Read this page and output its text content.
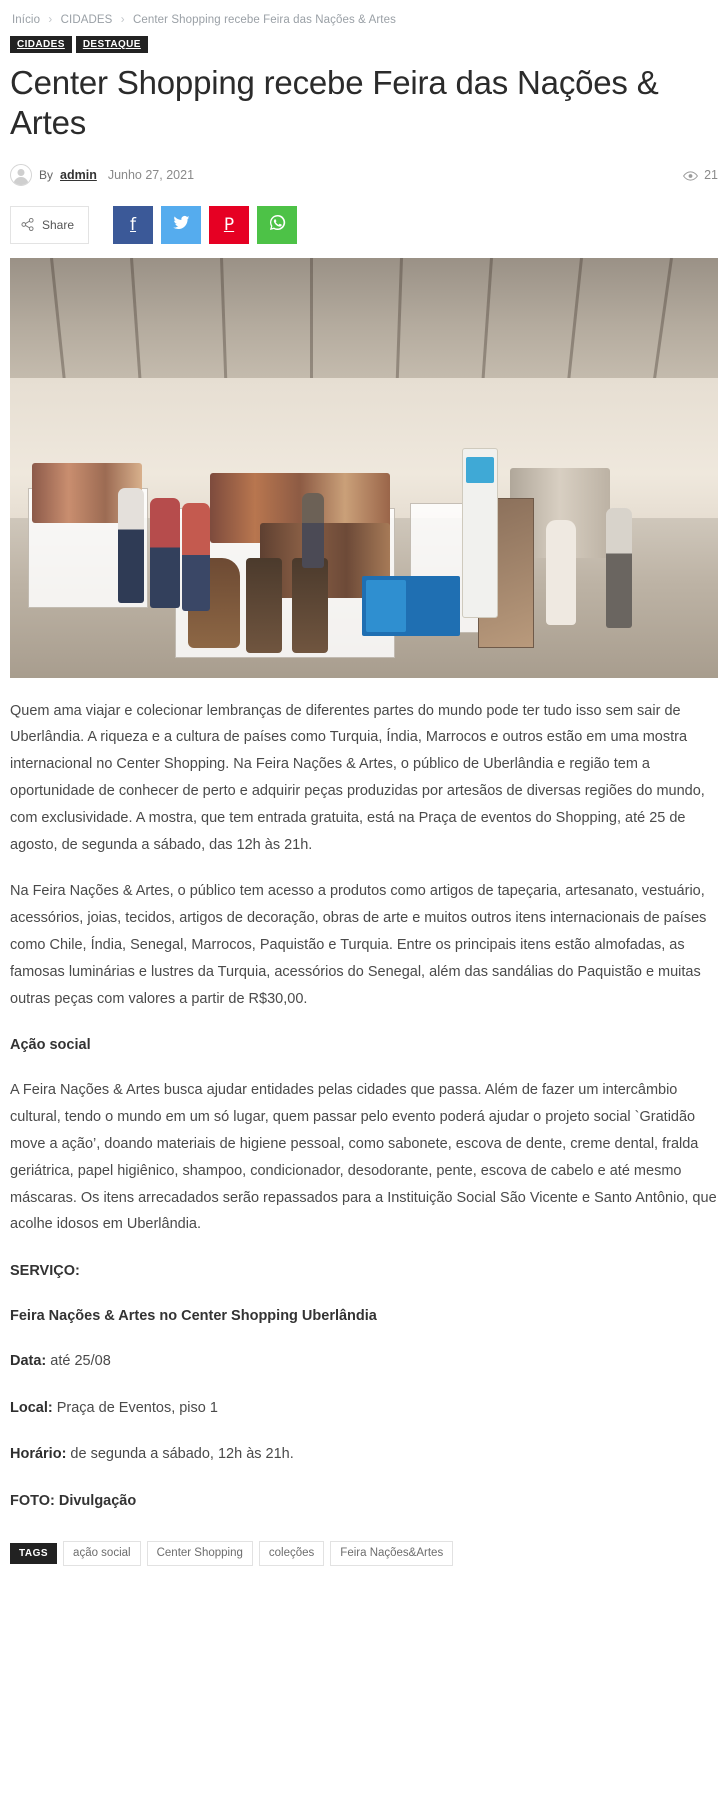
Início › CIDADES › Center Shopping recebe Feira das Nações & Artes
CIDADES	DESTAQUE
Center Shopping recebe Feira das Nações & Artes
By admin Junho 27, 2021	21
Share	f	P

Quem ama viajar e colecionar lembranças de diferentes partes do mundo pode ter tudo isso sem sair de Uberlândia. A riqueza e a cultura de países como Turquia, Índia, Marrocos e outros estão em uma mostra internacional no Center Shopping. Na Feira Nações & Artes, o público de Uberlândia e região tem a oportunidade de conhecer de perto e adquirir peças produzidas por artesãos de diversas regiões do mundo, com exclusividade. A mostra, que tem entrada gratuita, está na Praça de eventos do Shopping, até 25 de agosto, de segunda a sábado, das 12h às 21h.

Na Feira Nações & Artes, o público tem acesso a produtos como artigos de tapeçaria, artesanato, vestuário, acessórios, joias, tecidos, artigos de decoração, obras de arte e muitos outros itens internacionais de países como Chile, Índia, Senegal, Marrocos, Paquistão e Turquia. Entre os principais itens estão almofadas, as famosas luminárias e lustres da Turquia, acessórios do Senegal, além das sandálias do Paquistão e muitas outras peças com valores a partir de R$30,00.

Ação social

A Feira Nações & Artes busca ajudar entidades pelas cidades que passa. Além de fazer um intercâmbio cultural, tendo o mundo em um só lugar, quem passar pelo evento poderá ajudar o projeto social `Gratidão move a ação’, doando materiais de higiene pessoal, como sabonete, escova de dente, creme dental, fralda geriátrica, papel higiênico, shampoo, condicionador, desodorante, pente, escova de cabelo e até mesmo máscaras. Os itens arrecadados serão repassados para a Instituição Social São Vicente e Santo Antônio, que acolhe idosos em Uberlândia.

SERVIÇO:

Feira Nações & Artes no Center Shopping Uberlândia

Data: até 25/08

Local: Praça de Eventos, piso 1

Horário: de segunda a sábado, 12h às 21h.

FOTO: Divulgação

TAGS	ação social	Center Shopping	coleções	Feira Nações&Artes
